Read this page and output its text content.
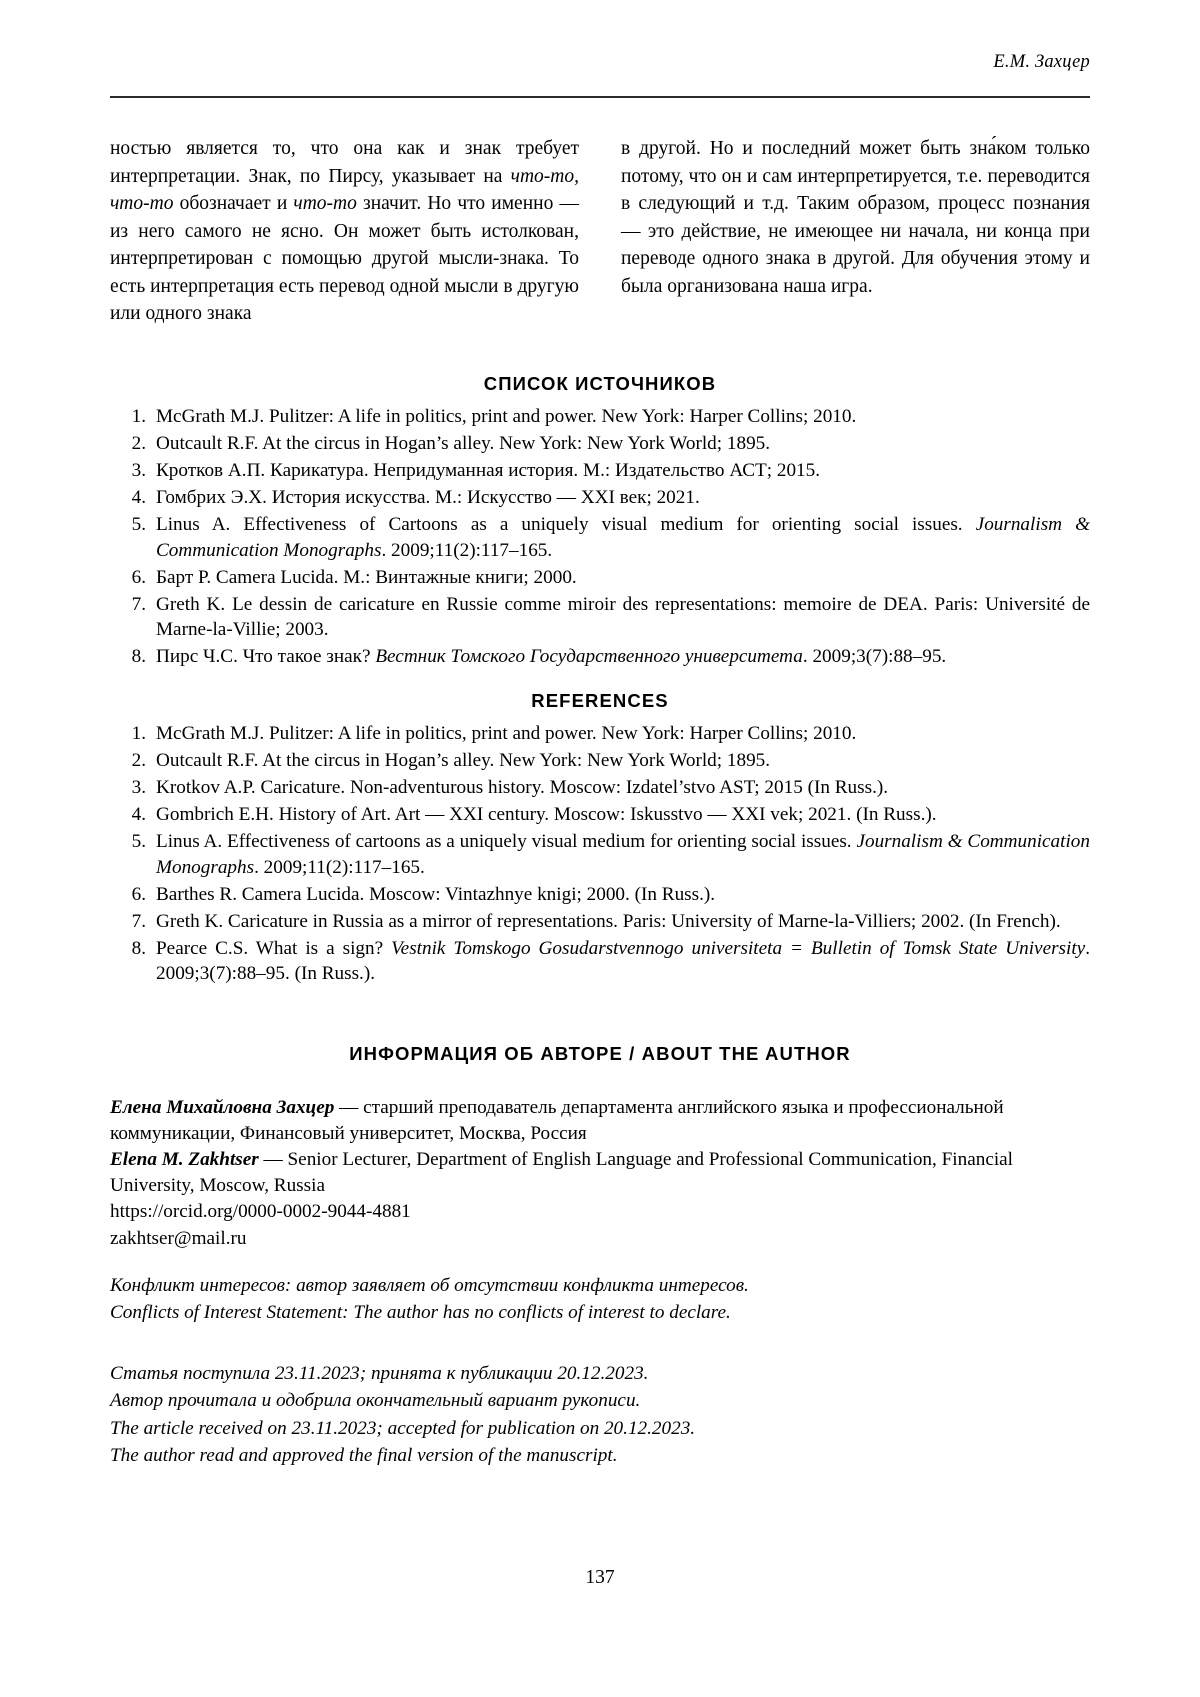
Е.М. Захцер

ностью является то, что она как и знак требует интерпретации. Знак, по Пирсу, указывает на что-то, что-то обозначает и что-то значит. Но что именно — из него самого не ясно. Он может быть истолкован, интерпретирован с помощью другой мысли-знака. То есть интерпретация есть перевод одной мысли в другую или одного знака

в другой. Но и последний может быть зна́ком только потому, что он и сам интерпретируется, т.е. переводится в следующий и т.д. Таким образом, процесс познания — это действие, не имеющее ни начала, ни конца при переводе одного знака в другой. Для обучения этому и была организована наша игра.

СПИСОК ИСТОЧНИКОВ
1. McGrath M.J. Pulitzer: A life in politics, print and power. New York: Harper Collins; 2010.
2. Outcault R.F. At the circus in Hogan’s alley. New York: New York World; 1895.
3. Кротков А.П. Карикатура. Непридуманная история. М.: Издательство АСТ; 2015.
4. Гомбрих Э.Х. История искусства. М.: Искусство — XXI век; 2021.
5. Linus A. Effectiveness of Cartoons as a uniquely visual medium for orienting social issues. Journalism & Communication Monographs. 2009;11(2):117–165.
6. Барт Р. Camera Lucida. М.: Винтажные книги; 2000.
7. Greth K. Le dessin de caricature en Russie comme miroir des representations: memoire de DEA. Paris: Université de Marne-la-Villie; 2003.
8. Пирс Ч.С. Что такое знак? Вестник Томского Государственного университета. 2009;3(7):88–95.
REFERENCES
1. McGrath M.J. Pulitzer: A life in politics, print and power. New York: Harper Collins; 2010.
2. Outcault R.F. At the circus in Hogan’s alley. New York: New York World; 1895.
3. Krotkov A.P. Caricature. Non-adventurous history. Moscow: Izdatel’stvo AST; 2015 (In Russ.).
4. Gombrich E.H. History of Art. Art — XXI century. Moscow: Iskusstvo — XXI vek; 2021. (In Russ.).
5. Linus A. Effectiveness of cartoons as a uniquely visual medium for orienting social issues. Journalism & Communication Monographs. 2009;11(2):117–165.
6. Barthes R. Camera Lucida. Moscow: Vintazhnye knigi; 2000. (In Russ.).
7. Greth K. Caricature in Russia as a mirror of representations. Paris: University of Marne-la-Villiers; 2002. (In French).
8. Pearce C.S. What is a sign? Vestnik Tomskogo Gosudarstvennogo universiteta = Bulletin of Tomsk State University. 2009;3(7):88–95. (In Russ.).
ИНФОРМАЦИЯ ОБ АВТОРЕ / ABOUT THE AUTHOR
Елена Михайловна Захцер — старший преподаватель департамента английского языка и профессиональной коммуникации, Финансовый университет, Москва, Россия
Elena M. Zakhtser — Senior Lecturer, Department of English Language and Professional Communication, Financial University, Moscow, Russia
https://orcid.org/0000-0002-9044-4881
zakhtser@mail.ru
Конфликт интересов: автор заявляет об отсутствии конфликта интересов.
Conflicts of Interest Statement: The author has no conflicts of interest to declare.
Статья поступила 23.11.2023; принята к публикации 20.12.2023.
Автор прочитала и одобрила окончательный вариант рукописи.
The article received on 23.11.2023; accepted for publication on 20.12.2023.
The author read and approved the final version of the manuscript.
137
